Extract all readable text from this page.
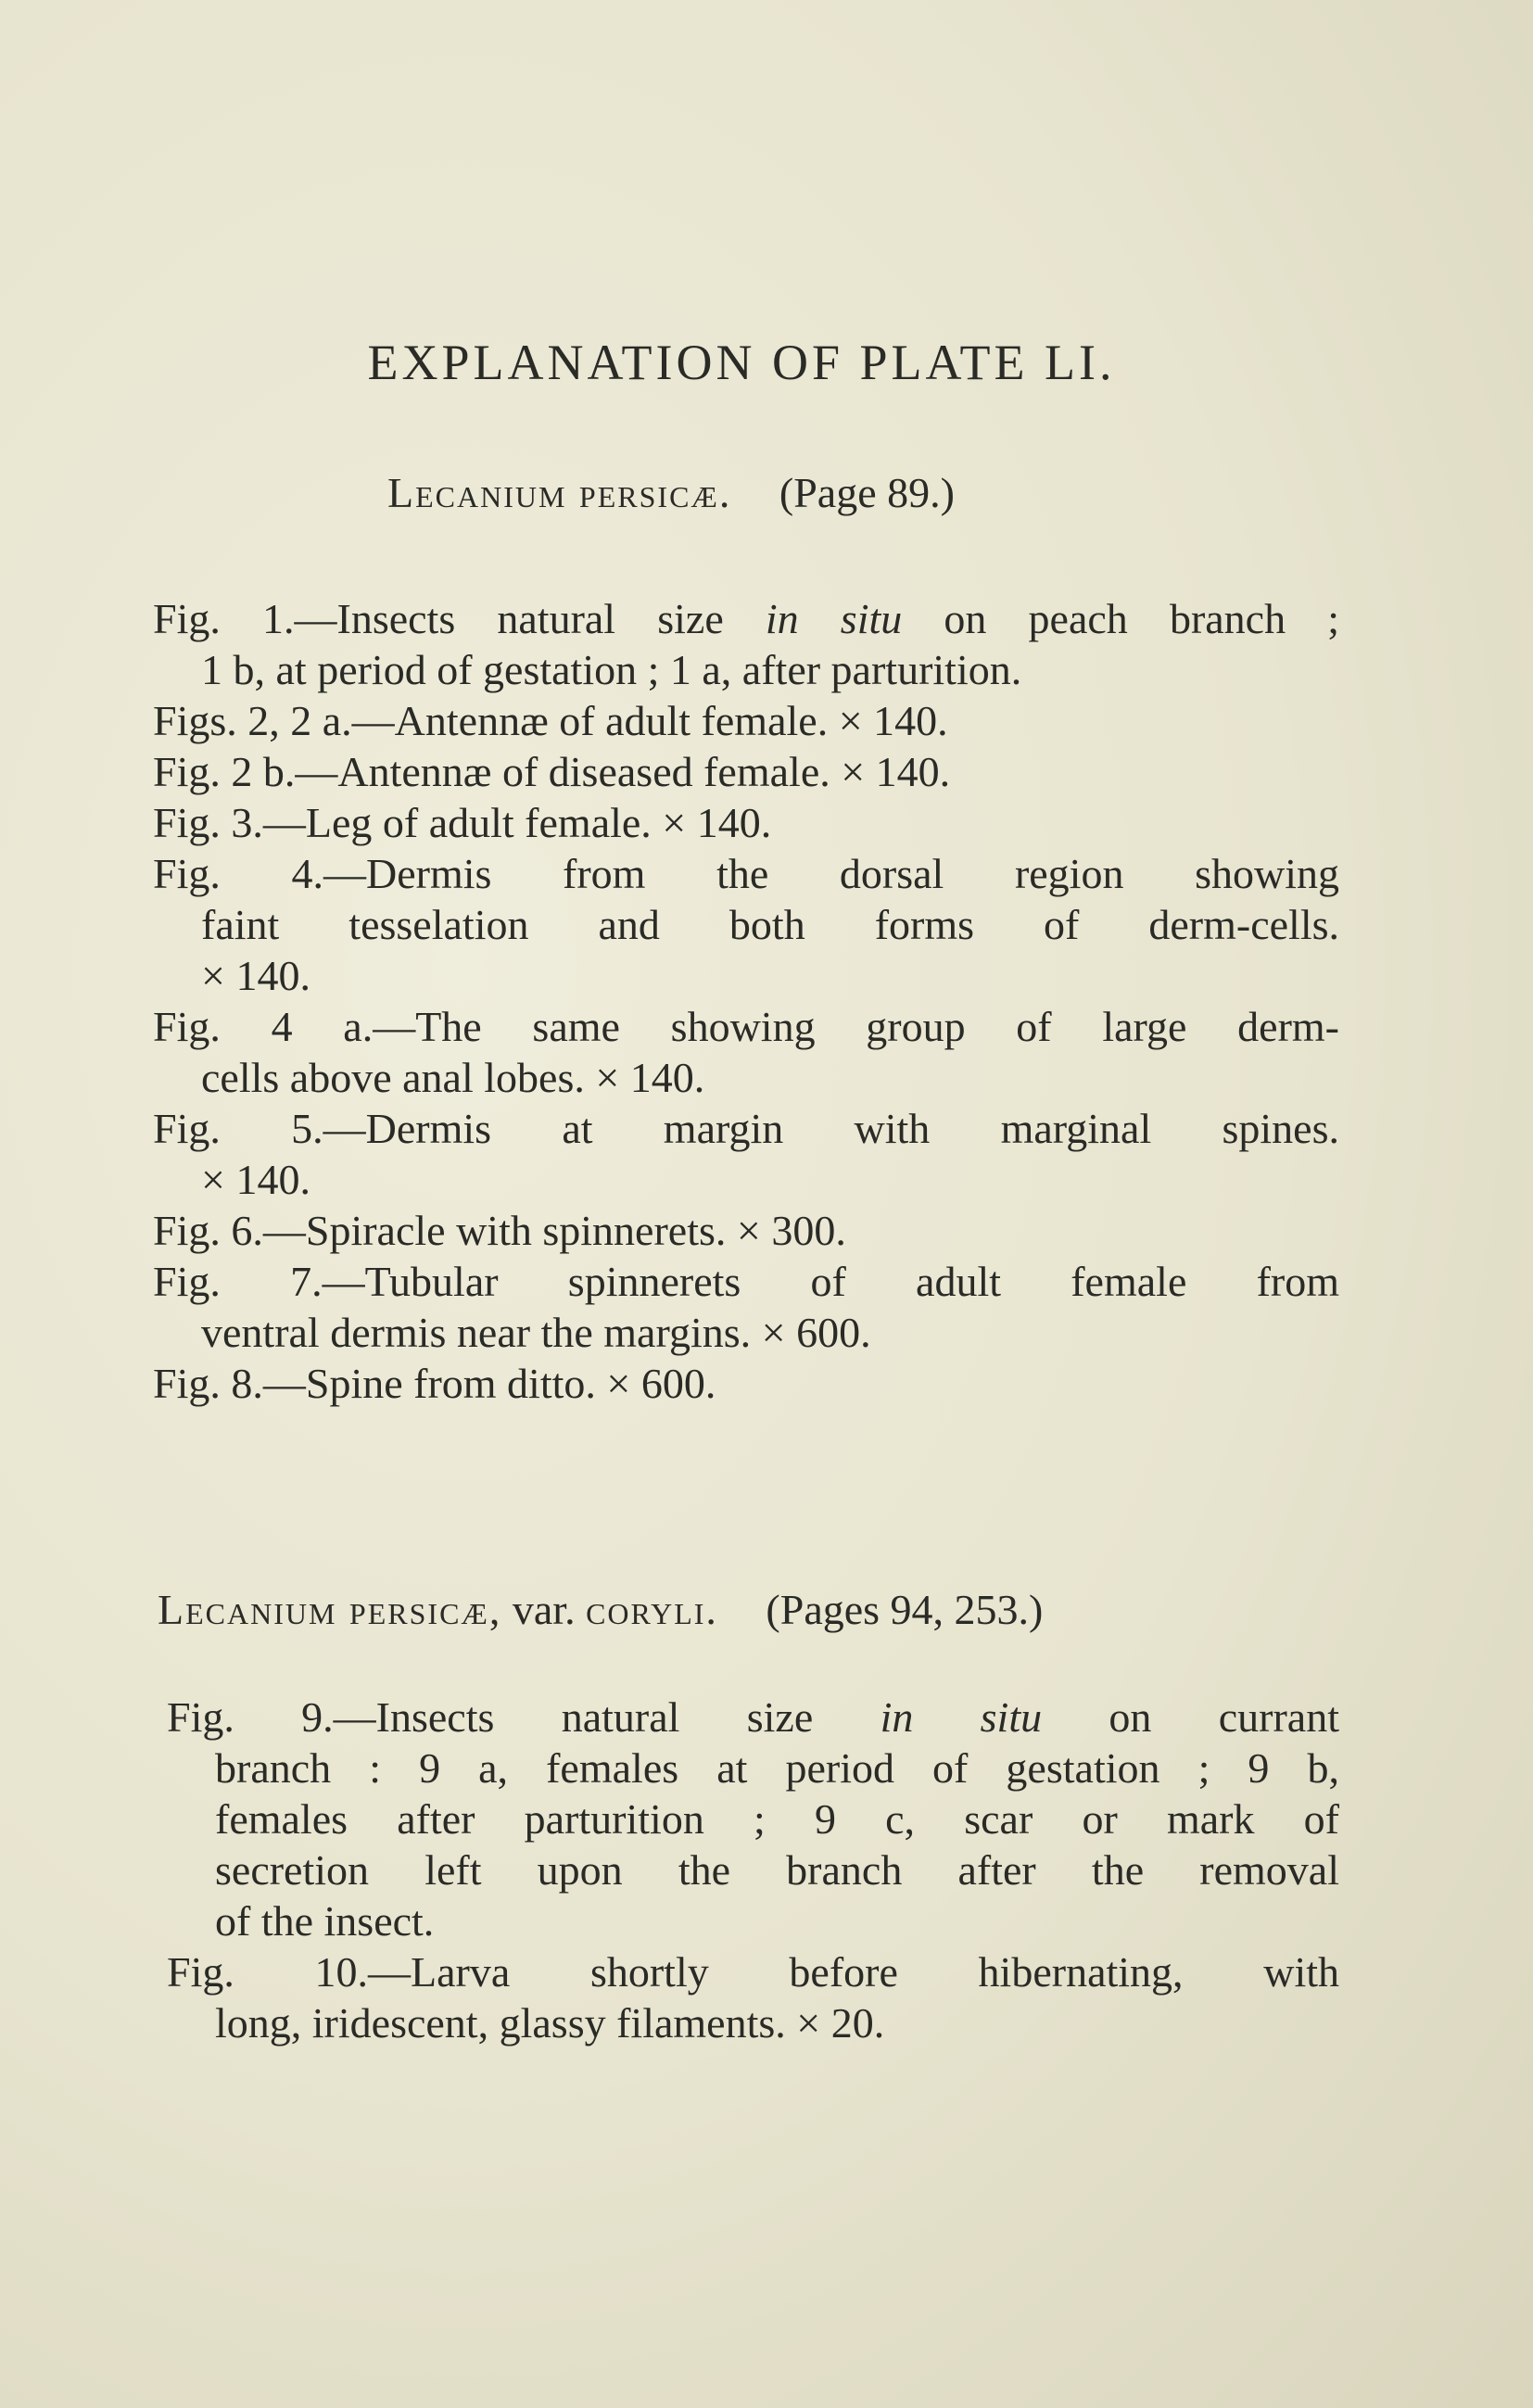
EXPLANATION OF PLATE LI.
Lecanium persicæ. (Page 89.)

Fig. 1.—Insects natural size in situ on peach branch ;

1 b, at period of gestation ; 1 a, after parturition.

Figs. 2, 2 a.—Antennæ of adult female. × 140.

Fig. 2 b.—Antennæ of diseased female. × 140.

Fig. 3.—Leg of adult female. × 140.

Fig. 4.—Dermis from the dorsal region showing

faint tesselation and both forms of derm-cells.

× 140.

Fig. 4 a.—The same showing group of large derm-

cells above anal lobes. × 140.

Fig. 5.—Dermis at margin with marginal spines.

× 140.

Fig. 6.—Spiracle with spinnerets. × 300.

Fig. 7.—Tubular spinnerets of adult female from

ventral dermis near the margins. × 600.

Fig. 8.—Spine from ditto. × 600.

Lecanium persicæ, var. coryli. (Pages 94, 253.)

Fig. 9.—Insects natural size in situ on currant

branch : 9 a, females at period of gestation ; 9 b,

females after parturition ; 9 c, scar or mark of

secretion left upon the branch after the removal

of the insect.

Fig. 10.—Larva shortly before hibernating, with

long, iridescent, glassy filaments. × 20.
